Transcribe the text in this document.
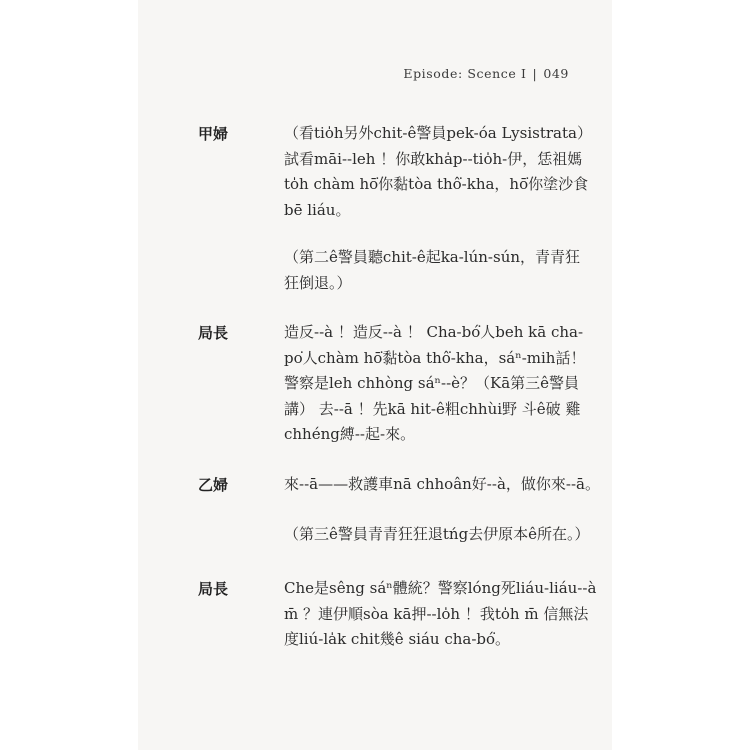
Episode: Scence I | 049
甲婦	（看tio̍h另外chit-ê警員pek-óa Lysistrata）
試看māi--leh ！你敢kha̍p--tio̍h-伊，恁祖媽
to̍h chàm hō͘你黏tòa thô͘-kha，hō͘你塗沙食
bē liáu。
（第二ê警員聽chit-ê起ka-lún-sún，青青狂
狂倒退。）
局長	造反--à ！造反--à ！ Cha-bó͘人beh kā cha-
po͘人chàm hō͘黏tòa thô͘-kha，sáⁿ-mih話！
警察是leh chhòng sáⁿ--è？（Kā第三ê警員
講） 去--ā ！先kā hit-ê粗chhùi野 斗ê破 雞
chhéng縛--起-來。
乙婦	來--ā——救護車nā chhoân好--à，做你來--ā。
（第三ê警員青青狂狂退tńg去伊原本ê所在。）
局長	Che是sêng sáⁿ體統？警察lóng死liáu-liáu--à
m̄ ？連伊順sòa kā押--lo̍h ！我to̍h m̄ 信無法
度liú-la̍k chit幾ê siáu cha-bó͘。
